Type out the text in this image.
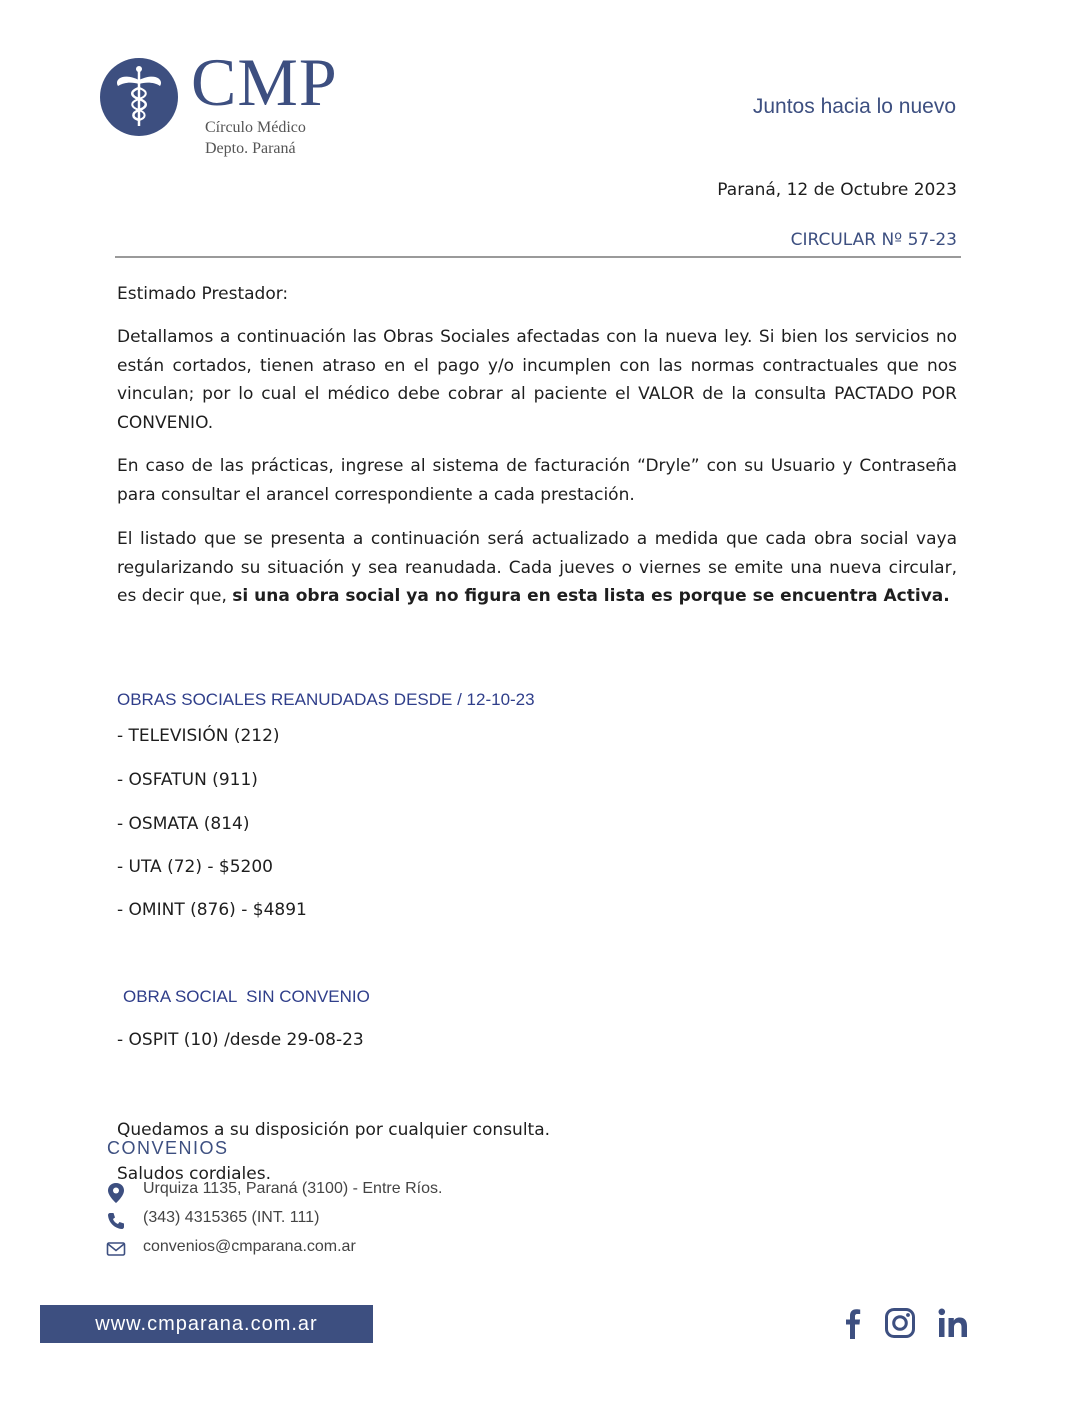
CMP
Círculo Médico
Depto. Paraná
Juntos hacia lo nuevo
Paraná, 12 de Octubre 2023
CIRCULAR Nº 57-23
Estimado Prestador:
Detallamos a continuación las Obras Sociales afectadas con la nueva ley. Si bien los servicios no están cortados, tienen atraso en el pago y/o incumplen con las normas contractuales que nos vinculan; por lo cual el médico debe cobrar al paciente el VALOR de la consulta PACTADO POR CONVENIO.
En caso de las prácticas, ingrese al sistema de facturación “Dryle” con su Usuario y Contraseña para consultar el arancel correspondiente a cada prestación.
El listado que se presenta a continuación será actualizado a medida que cada obra social vaya regularizando su situación y sea reanudada. Cada jueves o viernes se emite una nueva circular, es decir que, si una obra social ya no figura en esta lista es porque se encuentra Activa.
OBRAS SOCIALES REANUDADAS DESDE / 12-10-23
- TELEVISIÓN (212)
- OSFATUN (911)
- OSMATA (814)
- UTA (72) - $5200
- OMINT (876) - $4891
OBRA SOCIAL  SIN CONVENIO
- OSPIT (10) /desde 29-08-23
Quedamos a su disposición por cualquier consulta.
Saludos cordiales.
CONVENIOS
Urquiza 1135, Paraná (3100) - Entre Ríos.
(343) 4315365 (INT. 111)
convenios@cmparana.com.ar
www.cmparana.com.ar
